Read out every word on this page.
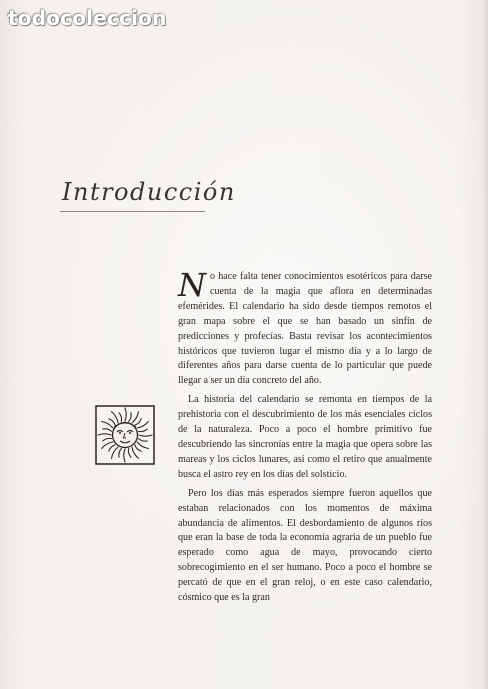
todocoleccion
Introducción

No hace falta tener conocimientos esotéricos para darse cuenta de la magia que aflora en determinadas efemérides. El calendario ha sido desde tiempos remotos el gran mapa sobre el que se han basado un sinfín de predicciones y profecías. Basta revisar los acontecimientos históricos que tuvieron lugar el mismo día y a lo largo de diferentes años para darse cuenta de lo particular que puede llegar a ser un día concreto del año.

La historia del calendario se remonta en tiempos de la prehistoria con el descubrimiento de los más esenciales ciclos de la naturaleza. Poco a poco el hombre primitivo fue descubriendo las sincronías entre la magia que opera sobre las mareas y los ciclos lunares, así como el retiro que anualmente busca el astro rey en los días del solsticio.

Pero los días más esperados siempre fueron aquellos que estaban relacionados con los momentos de máxima abundancia de alimentos. El desbordamiento de algunos ríos que eran la base de toda la economía agraria de un pueblo fue esperado como agua de mayo, provocando cierto sobrecogimiento en el ser humano. Poco a poco el hombre se percató de que en el gran reloj, o en este caso calendario, cósmico que es la gran
